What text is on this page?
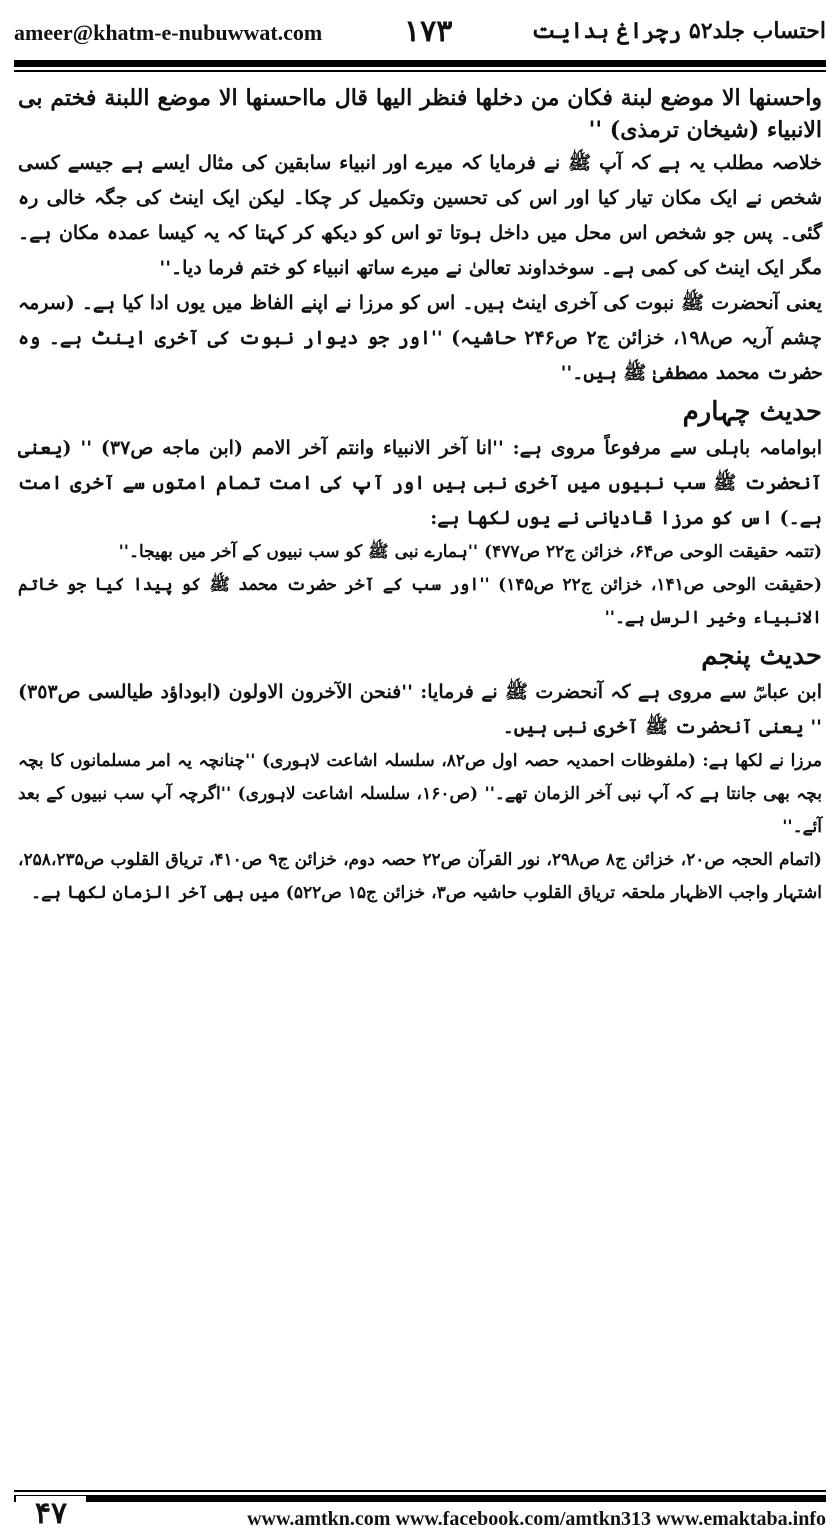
ameer@khatm-e-nubuwwat.com	۱۷۳	احتساب جلد۵۲ رچراغ ہدایت

واحسنها الا موضع لبنة فكان من دخلها فنظر اليها قال مااحسنها الا موضع اللبنة فختم بى الانبياء (شيخان ترمذى) ''

خلاصہ مطلب یہ ہے کہ آپ ﷺ نے فرمایا کہ میرے اور انبیاء سابقین کی مثال ایسے ہے جیسے کسی شخص نے ایک مکان تیار کیا اور اس کی تحسین وتکمیل کر چکا۔ لیکن ایک اینٹ کی جگہ خالی رہ گئی۔ پس جو شخص اس محل میں داخل ہوتا تو اس کو دیکھ کر کہتا کہ یہ کیسا عمدہ مکان ہے۔ مگر ایک اینٹ کی کمی ہے۔ سوخداوند تعالیٰ نے میرے ساتھ انبیاء کو ختم فرما دیا۔''

یعنی آنحضرت ﷺ نبوت کی آخری اینٹ ہیں۔ اس کو مرزا نے اپنے الفاظ میں یوں ادا کیا ہے۔ (سرمہ چشم آریہ ص۱۹۸، خزائن ج۲ ص۲۴۶ حاشیہ) ''اور جو دیوار نبوت کی آخری اینٹ ہے۔ وہ حضرت محمد مصطفیٰ ﷺ ہیں۔''

حدیث چہارم

ابوامامہ باہلی سے مرفوعاً مروی ہے: ''انا آخر الانبياء وانتم آخر الامم (ابن ماجه ص٣٧) '' (یعنی آنحضرت ﷺ سب نبیوں میں آخری نبی ہیں اور آپ کی امت تمام امتوں سے آخری امت ہے۔) اس کو مرزا قادیانی نے یوں لکھا ہے:

(تتمہ حقیقت الوحی ص۶۴، خزائن ج۲۲ ص۴۷۷) ''ہمارے نبی ﷺ کو سب نبیوں کے آخر میں بھیجا۔''

(حقیقت الوحی ص۱۴۱، خزائن ج۲۲ ص۱۴۵) ''اور سب کے آخر حضرت محمد ﷺ کو پیدا کیا جو خاتم الانبیاء وخیر الرسل ہے۔''

حدیث پنجم

ابن عباسؓ سے مروی ہے کہ آنحضرت ﷺ نے فرمایا: ''فنحن الآخرون الاولون (ابوداؤد طيالسى ص٣٥٣) '' یعنی آنحضرت ﷺ آخری نبی ہیں۔

مرزا نے لکھا ہے: (ملفوظات احمدیہ حصہ اول ص۸۲، سلسلہ اشاعت لاہوری) ''چنانچہ یہ امر مسلمانوں کا بچہ بچہ بھی جانتا ہے کہ آپ نبی آخر الزمان تھے۔'' (ص۱۶۰، سلسلہ اشاعت لاہوری) ''اگرچہ آپ سب نبیوں کے بعد آئے۔''

(اتمام الحجہ ص۲۰، خزائن ج۸ ص۲۹۸، نور القرآن ص۲۲ حصہ دوم، خزائن ج۹ ص۴۱۰، تریاق القلوب ص۲۵۸،۲۳۵، اشتہار واجب الاظہار ملحقہ تریاق القلوب حاشیہ ص۳، خزائن ج۱۵ ص۵۲۲) میں بھی آخر الزمان لکھا ہے۔

۴۷	www.amtkn.com www.facebook.com/amtkn313 www.emaktaba.info
